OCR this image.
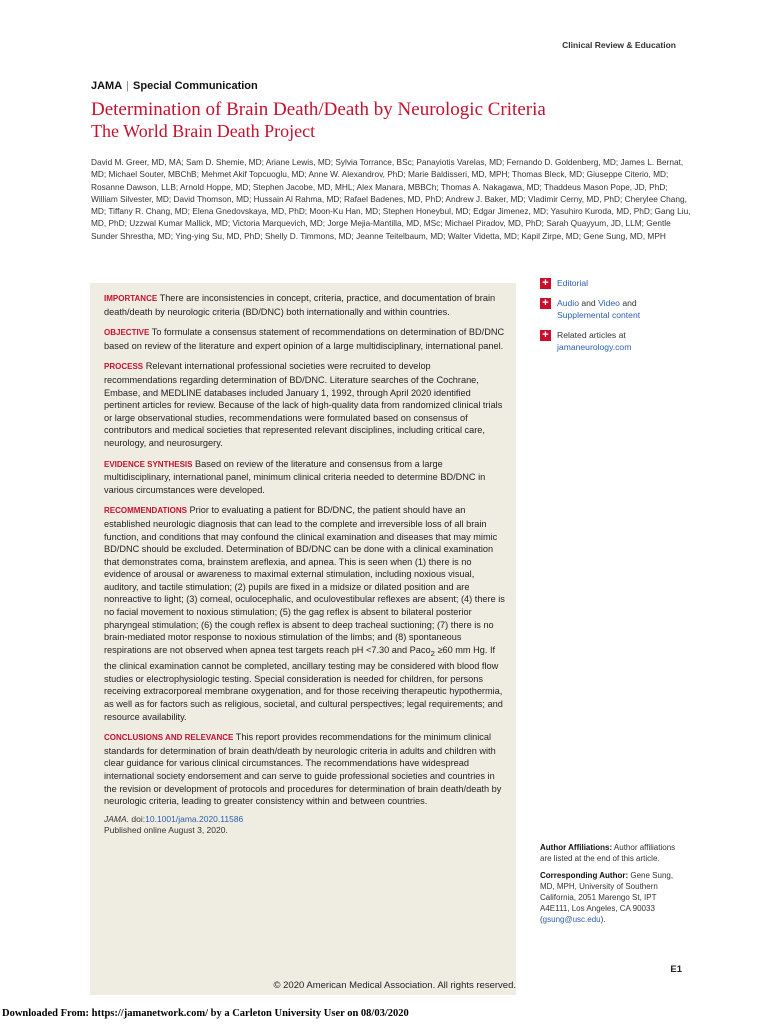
Clinical Review & Education
JAMA | Special Communication
Determination of Brain Death/Death by Neurologic Criteria
The World Brain Death Project
David M. Greer, MD, MA; Sam D. Shemie, MD; Ariane Lewis, MD; Sylvia Torrance, BSc; Panayiotis Varelas, MD; Fernando D. Goldenberg, MD; James L. Bernat, MD; Michael Souter, MBChB; Mehmet Akif Topcuoglu, MD; Anne W. Alexandrov, PhD; Marie Baldisseri, MD, MPH; Thomas Bleck, MD; Giuseppe Citerio, MD; Rosanne Dawson, LLB; Arnold Hoppe, MD; Stephen Jacobe, MD, MHL; Alex Manara, MBBCh; Thomas A. Nakagawa, MD; Thaddeus Mason Pope, JD, PhD; William Silvester, MD; David Thomson, MD; Hussain Al Rahma, MD; Rafael Badenes, MD, PhD; Andrew J. Baker, MD; Vladimir Cerny, MD, PhD; Cherylee Chang, MD; Tiffany R. Chang, MD; Elena Gnedovskaya, MD, PhD; Moon-Ku Han, MD; Stephen Honeybul, MD; Edgar Jimenez, MD; Yasuhiro Kuroda, MD, PhD; Gang Liu, MD, PhD; Uzzwal Kumar Mallick, MD; Victoria Marquevich, MD; Jorge Mejia-Mantilla, MD, MSc; Michael Piradov, MD, PhD; Sarah Quayyum, JD, LLM; Gentle Sunder Shrestha, MD; Ying-ying Su, MD, PhD; Shelly D. Timmons, MD; Jeanne Teitelbaum, MD; Walter Videtta, MD; Kapil Zirpe, MD; Gene Sung, MD, MPH

IMPORTANCE There are inconsistencies in concept, criteria, practice, and documentation of brain death/death by neurologic criteria (BD/DNC) both internationally and within countries.

OBJECTIVE To formulate a consensus statement of recommendations on determination of BD/DNC based on review of the literature and expert opinion of a large multidisciplinary, international panel.

PROCESS Relevant international professional societies were recruited to develop recommendations regarding determination of BD/DNC. Literature searches of the Cochrane, Embase, and MEDLINE databases included January 1, 1992, through April 2020 identified pertinent articles for review. Because of the lack of high-quality data from randomized clinical trials or large observational studies, recommendations were formulated based on consensus of contributors and medical societies that represented relevant disciplines, including critical care, neurology, and neurosurgery.

EVIDENCE SYNTHESIS Based on review of the literature and consensus from a large multidisciplinary, international panel, minimum clinical criteria needed to determine BD/DNC in various circumstances were developed.

RECOMMENDATIONS Prior to evaluating a patient for BD/DNC, the patient should have an established neurologic diagnosis that can lead to the complete and irreversible loss of all brain function, and conditions that may confound the clinical examination and diseases that may mimic BD/DNC should be excluded. Determination of BD/DNC can be done with a clinical examination that demonstrates coma, brainstem areflexia, and apnea. This is seen when (1) there is no evidence of arousal or awareness to maximal external stimulation, including noxious visual, auditory, and tactile stimulation; (2) pupils are fixed in a midsize or dilated position and are nonreactive to light; (3) corneal, oculocephalic, and oculovestibular reflexes are absent; (4) there is no facial movement to noxious stimulation; (5) the gag reflex is absent to bilateral posterior pharyngeal stimulation; (6) the cough reflex is absent to deep tracheal suctioning; (7) there is no brain-mediated motor response to noxious stimulation of the limbs; and (8) spontaneous respirations are not observed when apnea test targets reach pH <7.30 and Paco$_2$ ≥60 mm Hg. If the clinical examination cannot be completed, ancillary testing may be considered with blood flow studies or electrophysiologic testing. Special consideration is needed for children, for persons receiving extracorporeal membrane oxygenation, and for those receiving therapeutic hypothermia, as well as for factors such as religious, societal, and cultural perspectives; legal requirements; and resource availability.

CONCLUSIONS AND RELEVANCE This report provides recommendations for the minimum clinical standards for determination of brain death/death by neurologic criteria in adults and children with clear guidance for various clinical circumstances. The recommendations have widespread international society endorsement and can serve to guide professional societies and countries in the revision or development of protocols and procedures for determination of brain death/death by neurologic criteria, leading to greater consistency within and between countries.

JAMA. doi:10.1001/jama.2020.11586
Published online August 3, 2020.
© 2020 American Medical Association. All rights reserved.
+ Editorial
+ Audio and Video and
Supplemental content
+ Related articles at
jamaneurology.com

Author Affiliations: Author affiliations are listed at the end of this article.

Corresponding Author: Gene Sung, MD, MPH, University of Southern California, 2051 Marengo St, IPT A4E111, Los Angeles, CA 90033 (gsung@usc.edu).

E1
Downloaded From: https://jamanetwork.com/ by a Carleton University User on 08/03/2020
